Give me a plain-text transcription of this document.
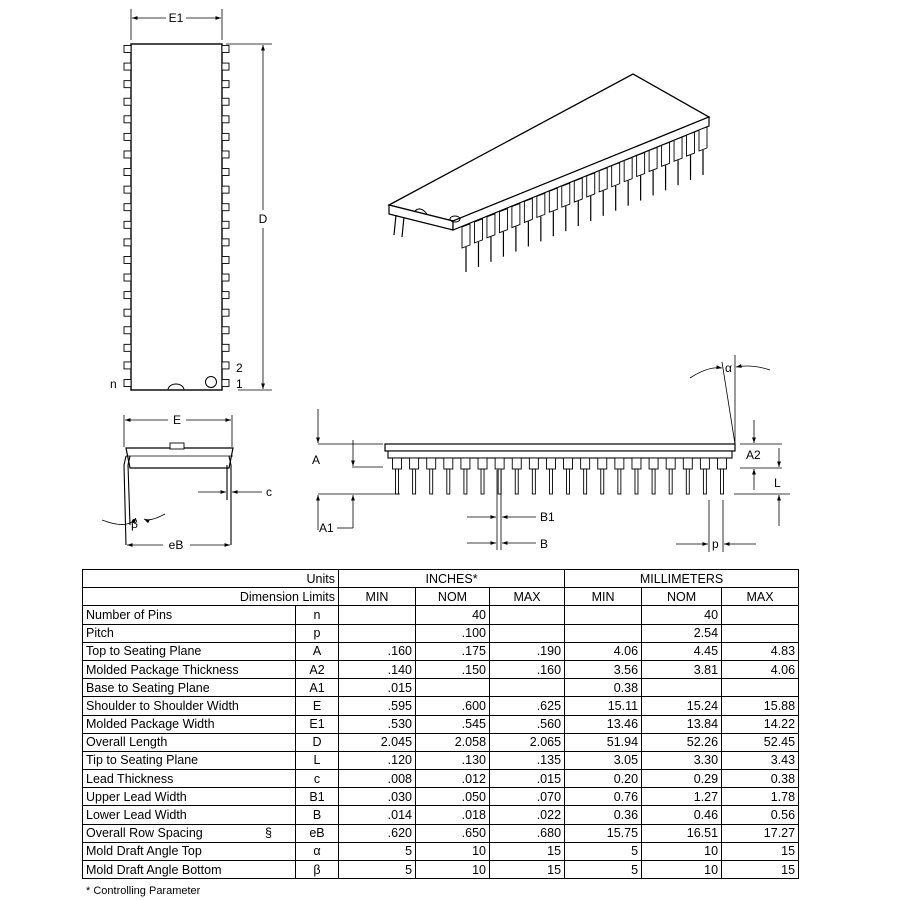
E1
D
n
2
1
E
c
β
eB
A
A1
A2
L
α
B1
B	p
Units		INCHES*			MILLIMETERS		
Dimension Limits		MIN	NOM	MAX	MIN	NOM	MAX
Number of Pins	n		40			40	
Pitch	p		.100			2.54	
Top to Seating Plane	A	.160	.175	.190	4.06	4.45	4.83
Molded Package Thickness	A2	.140	.150	.160	3.56	3.81	4.06
Base to Seating Plane	A1	.015			0.38		
Shoulder to Shoulder Width	E	.595	.600	.625	15.11	15.24	15.88
Molded Package Width	E1	.530	.545	.560	13.46	13.84	14.22
Overall Length	D	2.045	2.058	2.065	51.94	52.26	52.45
Tip to Seating Plane	L	.120	.130	.135	3.05	3.30	3.43
Lead Thickness	c	.008	.012	.015	0.20	0.29	0.38
Upper Lead Width	B1	.030	.050	.070	0.76	1.27	1.78
Lower Lead Width	B	.014	.018	.022	0.36	0.46	0.56
Overall Row Spacing §	eB	.620	.650	.680	15.75	16.51	17.27
Mold Draft Angle Top	α	5	10	15	5	10	15
Mold Draft Angle Bottom	β	5	10	15	5	10	15
* Controlling Parameter
